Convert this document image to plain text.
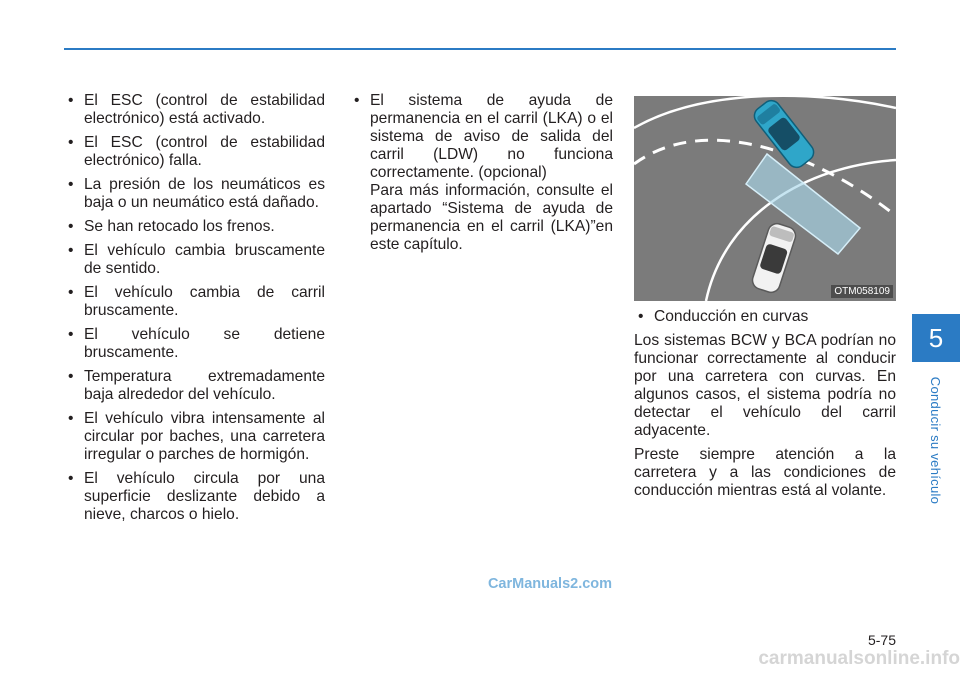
• El ESC (control de estabilidad electrónico) está activado.
• El ESC (control de estabilidad electrónico) falla.
• La presión de los neumáticos es baja o un neumático está dañado.
• Se han retocado los frenos.
• El vehículo cambia bruscamente de sentido.
• El vehículo cambia de carril bruscamente.
• El vehículo se detiene bruscamente.
• Temperatura extremadamente baja alrededor del vehículo.
• El vehículo vibra intensamente al circular por baches, una carretera irregular o parches de hormigón.
• El vehículo circula por una superficie deslizante debido a nieve, charcos o hielo.
• El sistema de ayuda de permanencia en el carril (LKA) o el sistema de aviso de salida del carril (LDW) no funciona correctamente. (opcional)
Para más información, consulte el apartado “Sistema de ayuda de permanencia en el carril (LKA)”en este capítulo.
OTM058109
• Conducción en curvas

Los sistemas BCW y BCA podrían no funcionar correctamente al conducir por una carretera con curvas. En algunos casos, el sistema podría no detectar el vehículo del carril adyacente.

Preste siempre atención a la carretera y a las condiciones de conducción mientras está al volante.

5
Conducir su vehículo
5-75
CarManuals2.com
carmanualsonline.info
